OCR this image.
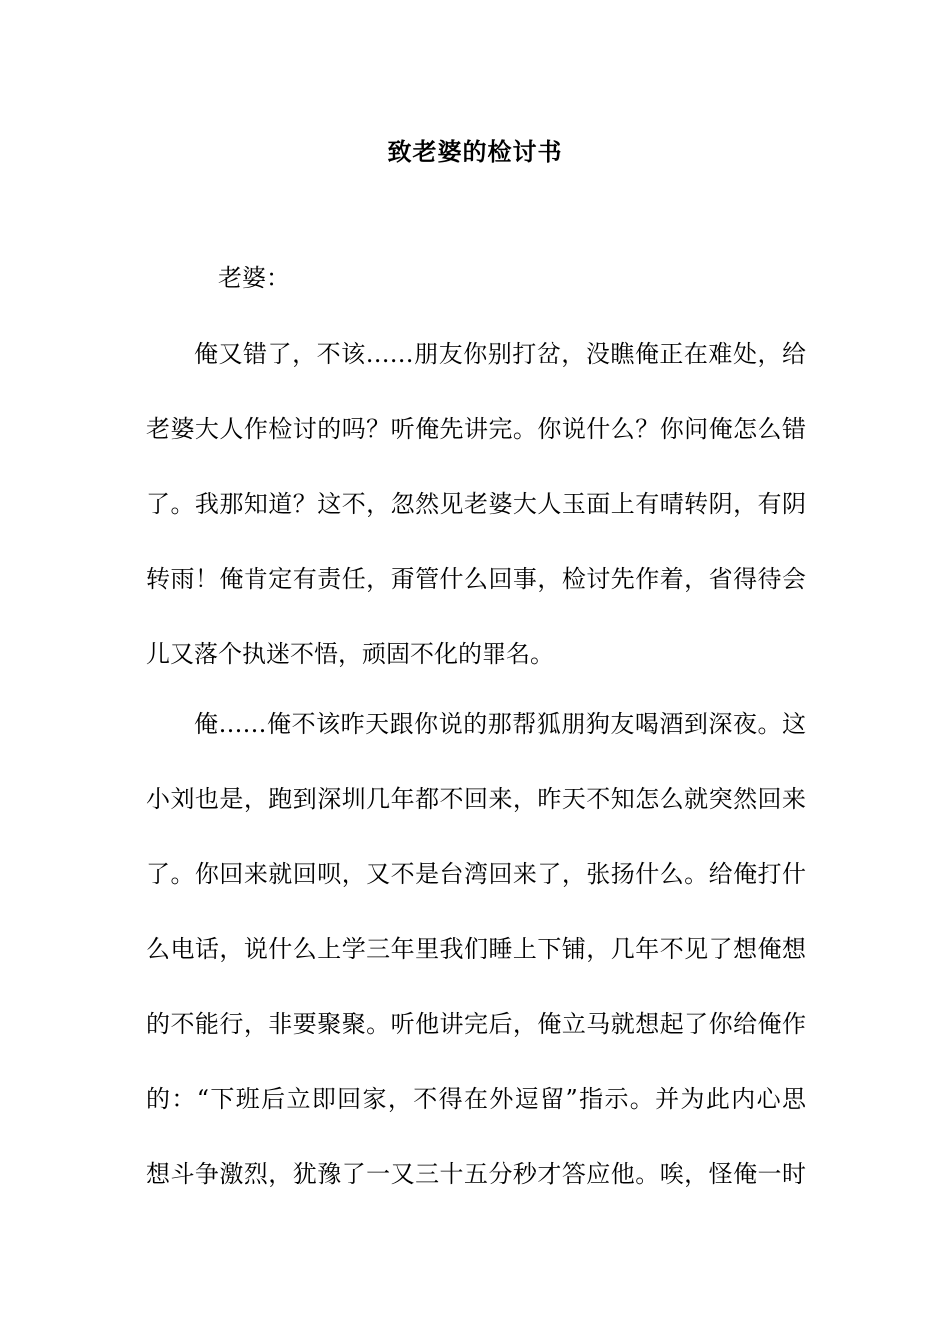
致老婆的检讨书

老婆：

俺又错了，不该……朋友你别打岔，没瞧俺正在难处，给
老婆大人作检讨的吗？听俺先讲完。你说什么？你问俺怎么错
了。我那知道？这不，忽然见老婆大人玉面上有晴转阴，有阴
转雨！俺肯定有责任，甭管什么回事，检讨先作着，省得待会
儿又落个执迷不悟，顽固不化的罪名。
俺……俺不该昨天跟你说的那帮狐朋狗友喝酒到深夜。这
小刘也是，跑到深圳几年都不回来，昨天不知怎么就突然回来
了。你回来就回呗，又不是台湾回来了，张扬什么。给俺打什
么电话，说什么上学三年里我们睡上下铺，几年不见了想俺想
的不能行，非要聚聚。听他讲完后，俺立马就想起了你给俺作
的：“下班后立即回家，不得在外逗留”指示。并为此内心思
想斗争激烈，犹豫了一又三十五分秒才答应他。唉，怪俺一时
